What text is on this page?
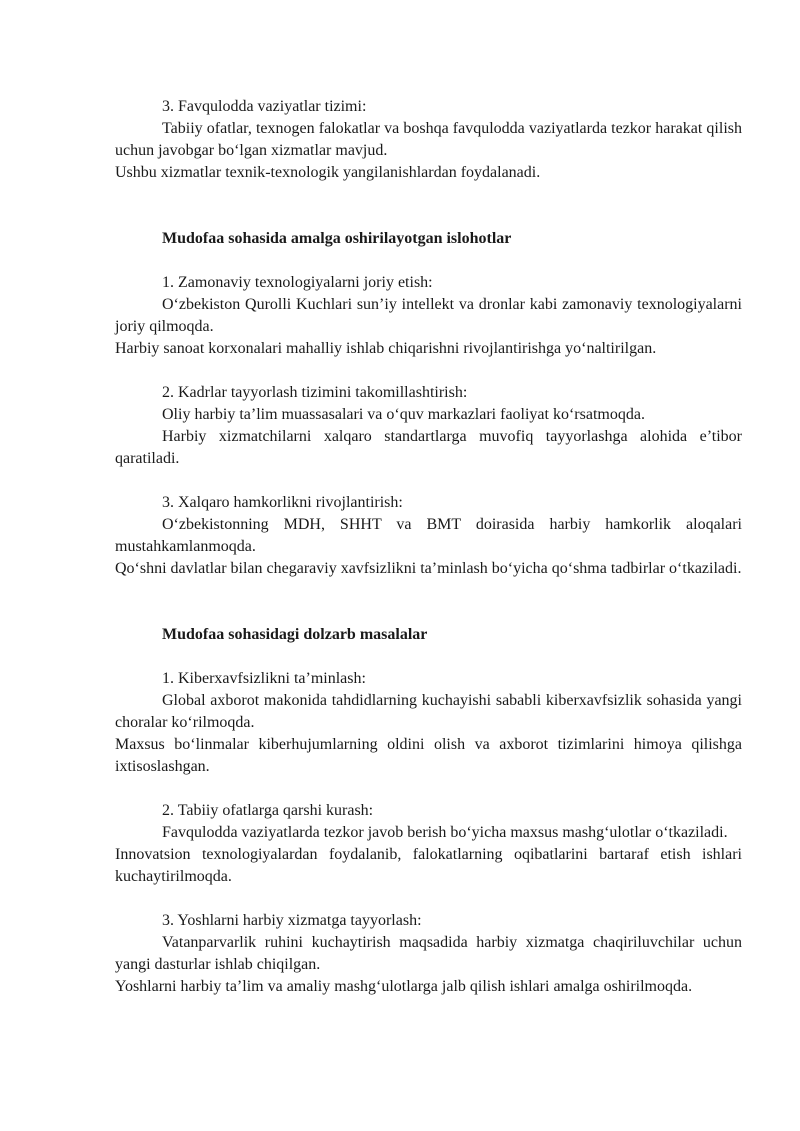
3. Favqulodda vaziyatlar tizimi:

Tabiiy ofatlar, texnogen falokatlar va boshqa favqulodda vaziyatlarda tezkor harakat qilish uchun javobgar bo‘lgan xizmatlar mavjud.

Ushbu xizmatlar texnik-texnologik yangilanishlardan foydalanadi.

Mudofaa sohasida amalga oshirilayotgan islohotlar

1. Zamonaviy texnologiyalarni joriy etish:

O‘zbekiston Qurolli Kuchlari sun’iy intellekt va dronlar kabi zamonaviy texnologiyalarni joriy qilmoqda.

Harbiy sanoat korxonalari mahalliy ishlab chiqarishni rivojlantirishga yo‘naltirilgan.

2. Kadrlar tayyorlash tizimini takomillashtirish:

Oliy harbiy ta’lim muassasalari va o‘quv markazlari faoliyat ko‘rsatmoqda.

Harbiy xizmatchilarni xalqaro standartlarga muvofiq tayyorlashga alohida e’tibor qaratiladi.

3. Xalqaro hamkorlikni rivojlantirish:

O‘zbekistonning MDH, SHHT va BMT doirasida harbiy hamkorlik aloqalari mustahkamlanmoqda.

Qo‘shni davlatlar bilan chegaraviy xavfsizlikni ta’minlash bo‘yicha qo‘shma tadbirlar o‘tkaziladi.

Mudofaa sohasidagi dolzarb masalalar

1. Kiberxavfsizlikni ta’minlash:

Global axborot makonida tahdidlarning kuchayishi sababli kiberxavfsizlik sohasida yangi choralar ko‘rilmoqda.

Maxsus bo‘linmalar kiberhujumlarning oldini olish va axborot tizimlarini himoya qilishga ixtisoslashgan.

2. Tabiiy ofatlarga qarshi kurash:

Favqulodda vaziyatlarda tezkor javob berish bo‘yicha maxsus mashg‘ulotlar o‘tkaziladi.

Innovatsion texnologiyalardan foydalanib, falokatlarning oqibatlarini bartaraf etish ishlari kuchaytirilmoqda.

3. Yoshlarni harbiy xizmatga tayyorlash:

Vatanparvarlik ruhini kuchaytirish maqsadida harbiy xizmatga chaqiriluvchilar uchun yangi dasturlar ishlab chiqilgan.

Yoshlarni harbiy ta’lim va amaliy mashg‘ulotlarga jalb qilish ishlari amalga oshirilmoqda.
